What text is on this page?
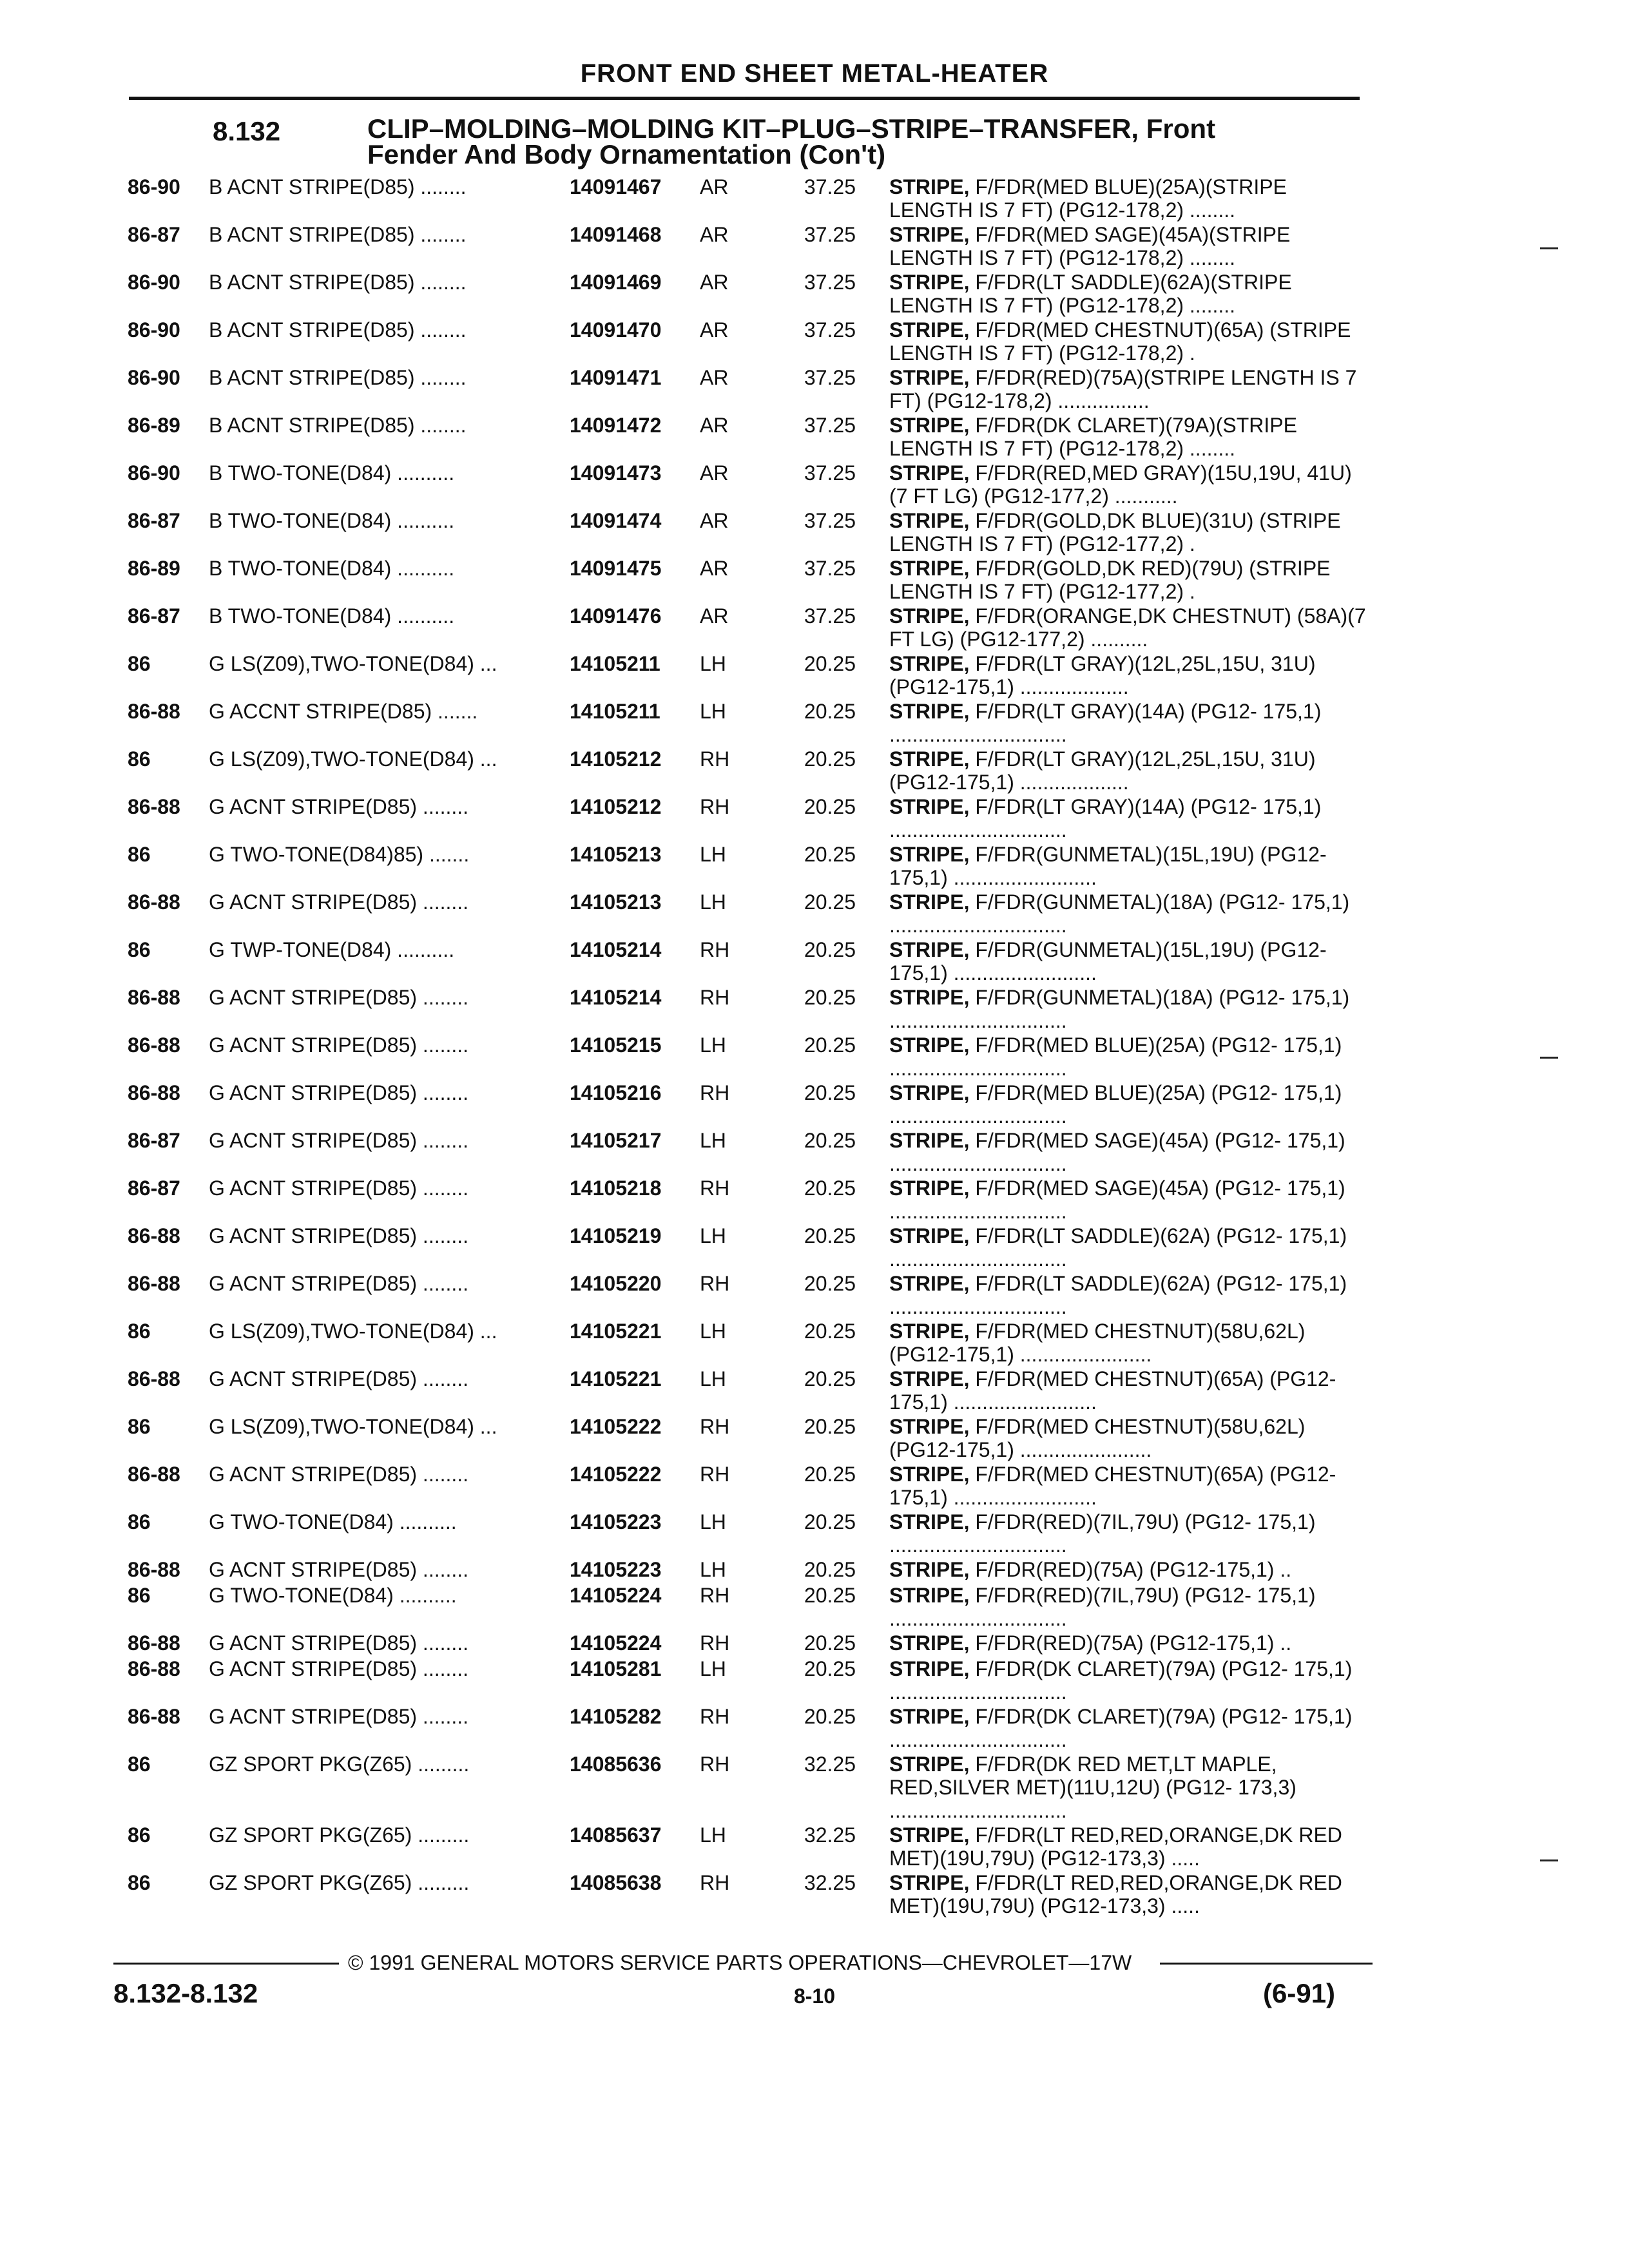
FRONT END SHEET METAL-HEATER
8.132	CLIP–MOLDING–MOLDING KIT–PLUG–STRIPE–TRANSFER, Front
Fender And Body Ornamentation (Con't)
86-90 B ACNT STRIPE(D85) ........	14091467 AR	37.25 STRIPE, F/FDR(MED BLUE)(25A)(STRIPE LENGTH IS 7 FT) (PG12-178,2) ........
86-87 B ACNT STRIPE(D85) ........	14091468 AR	37.25 STRIPE, F/FDR(MED SAGE)(45A)(STRIPE LENGTH IS 7 FT) (PG12-178,2) ........
86-90 B ACNT STRIPE(D85) ........	14091469 AR	37.25 STRIPE, F/FDR(LT SADDLE)(62A)(STRIPE LENGTH IS 7 FT) (PG12-178,2) ........
86-90 B ACNT STRIPE(D85) ........	14091470 AR	37.25 STRIPE, F/FDR(MED CHESTNUT)(65A) (STRIPE LENGTH IS 7 FT) (PG12-178,2) .
86-90 B ACNT STRIPE(D85) ........	14091471 AR	37.25 STRIPE, F/FDR(RED)(75A)(STRIPE LENGTH IS 7 FT) (PG12-178,2) ................
86-89 B ACNT STRIPE(D85) ........	14091472 AR	37.25 STRIPE, F/FDR(DK CLARET)(79A)(STRIPE LENGTH IS 7 FT) (PG12-178,2) ........
86-90 B TWO-TONE(D84) ..........	14091473 AR	37.25 STRIPE, F/FDR(RED,MED GRAY)(15U,19U, 41U)(7 FT LG) (PG12-177,2) ...........
86-87 B TWO-TONE(D84) ..........	14091474 AR	37.25 STRIPE, F/FDR(GOLD,DK BLUE)(31U) (STRIPE LENGTH IS 7 FT) (PG12-177,2) .
86-89 B TWO-TONE(D84) ..........	14091475 AR	37.25 STRIPE, F/FDR(GOLD,DK RED)(79U) (STRIPE LENGTH IS 7 FT) (PG12-177,2) .
86-87 B TWO-TONE(D84) ..........	14091476 AR	37.25 STRIPE, F/FDR(ORANGE,DK CHESTNUT) (58A)(7 FT LG) (PG12-177,2) ..........
86	G LS(Z09),TWO-TONE(D84) ...	14105211 LH	20.25 STRIPE, F/FDR(LT GRAY)(12L,25L,15U, 31U) (PG12-175,1) ...................
86-88 G ACCNT STRIPE(D85) .......	14105211 LH	20.25 STRIPE, F/FDR(LT GRAY)(14A) (PG12- 175,1) ...............................
86	G LS(Z09),TWO-TONE(D84) ...	14105212 RH	20.25 STRIPE, F/FDR(LT GRAY)(12L,25L,15U, 31U) (PG12-175,1) ...................
86-88 G ACNT STRIPE(D85) ........	14105212 RH	20.25 STRIPE, F/FDR(LT GRAY)(14A) (PG12- 175,1) ...............................
86	G TWO-TONE(D84)85) .......	14105213 LH	20.25 STRIPE, F/FDR(GUNMETAL)(15L,19U) (PG12-175,1) .........................
86-88 G ACNT STRIPE(D85) ........	14105213 LH	20.25 STRIPE, F/FDR(GUNMETAL)(18A) (PG12- 175,1) ...............................
86	G TWP-TONE(D84) ..........	14105214 RH	20.25 STRIPE, F/FDR(GUNMETAL)(15L,19U) (PG12-175,1) .........................
86-88 G ACNT STRIPE(D85) ........	14105214 RH	20.25 STRIPE, F/FDR(GUNMETAL)(18A) (PG12- 175,1) ...............................
86-88 G ACNT STRIPE(D85) ........	14105215 LH	20.25 STRIPE, F/FDR(MED BLUE)(25A) (PG12- 175,1) ...............................
86-88 G ACNT STRIPE(D85) ........	14105216 RH	20.25 STRIPE, F/FDR(MED BLUE)(25A) (PG12- 175,1) ...............................
86-87 G ACNT STRIPE(D85) ........	14105217 LH	20.25 STRIPE, F/FDR(MED SAGE)(45A) (PG12- 175,1) ...............................
86-87 G ACNT STRIPE(D85) ........	14105218 RH	20.25 STRIPE, F/FDR(MED SAGE)(45A) (PG12- 175,1) ...............................
86-88 G ACNT STRIPE(D85) ........	14105219 LH	20.25 STRIPE, F/FDR(LT SADDLE)(62A) (PG12- 175,1) ...............................
86-88 G ACNT STRIPE(D85) ........	14105220 RH	20.25 STRIPE, F/FDR(LT SADDLE)(62A) (PG12- 175,1) ...............................
86	G LS(Z09),TWO-TONE(D84) ...	14105221 LH	20.25 STRIPE, F/FDR(MED CHESTNUT)(58U,62L) (PG12-175,1) .......................
86-88 G ACNT STRIPE(D85) ........	14105221 LH	20.25 STRIPE, F/FDR(MED CHESTNUT)(65A) (PG12-175,1) .........................
86	G LS(Z09),TWO-TONE(D84) ...	14105222 RH	20.25 STRIPE, F/FDR(MED CHESTNUT)(58U,62L) (PG12-175,1) .......................
86-88 G ACNT STRIPE(D85) ........	14105222 RH	20.25 STRIPE, F/FDR(MED CHESTNUT)(65A) (PG12-175,1) .........................
86	G TWO-TONE(D84) ..........	14105223 LH	20.25 STRIPE, F/FDR(RED)(7IL,79U) (PG12- 175,1) ...............................
86-88 G ACNT STRIPE(D85) ........	14105223 LH	20.25 STRIPE, F/FDR(RED)(75A) (PG12-175,1) ..
86	G TWO-TONE(D84) ..........	14105224 RH	20.25 STRIPE, F/FDR(RED)(7IL,79U) (PG12- 175,1) ...............................
86-88 G ACNT STRIPE(D85) ........	14105224 RH	20.25 STRIPE, F/FDR(RED)(75A) (PG12-175,1) ..
86-88 G ACNT STRIPE(D85) ........	14105281 LH	20.25 STRIPE, F/FDR(DK CLARET)(79A) (PG12- 175,1) ...............................
86-88 G ACNT STRIPE(D85) ........	14105282 RH	20.25 STRIPE, F/FDR(DK CLARET)(79A) (PG12- 175,1) ...............................
86	GZ SPORT PKG(Z65) .........	14085636 RH	32.25 STRIPE, F/FDR(DK RED MET,LT MAPLE, RED,SILVER MET)(11U,12U) (PG12- 173,3) ...............................
86	GZ SPORT PKG(Z65) .........	14085637 LH	32.25 STRIPE, F/FDR(LT RED,RED,ORANGE,DK RED MET)(19U,79U) (PG12-173,3) .....
86	GZ SPORT PKG(Z65) .........	14085638 RH	32.25 STRIPE, F/FDR(LT RED,RED,ORANGE,DK RED MET)(19U,79U) (PG12-173,3) .....
© 1991 GENERAL MOTORS SERVICE PARTS OPERATIONS—CHEVROLET—17W
8.132-8.132	8-10	(6-91)
